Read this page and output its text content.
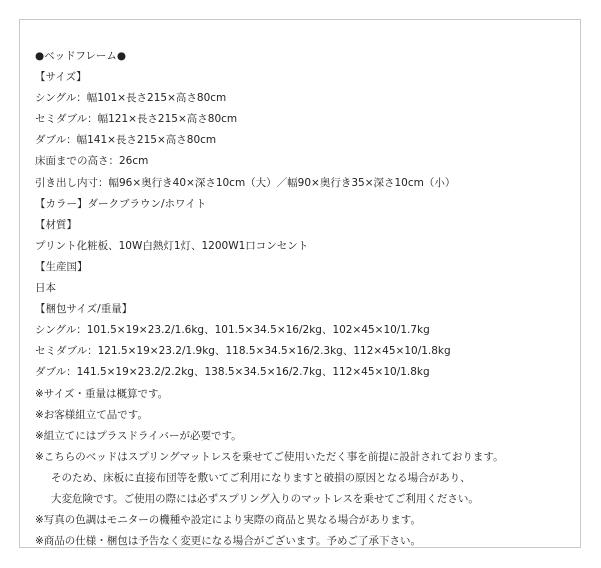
●ベッドフレーム●
【サイズ】
シングル：幅101×長さ215×高さ80cm
セミダブル：幅121×長さ215×高さ80cm
ダブル：幅141×長さ215×高さ80cm
床面までの高さ：26cm
引き出し内寸：幅96×奥行き40×深さ10cm（大）／幅90×奥行き35×深さ10cm（小）
【カラー】ダークブラウン/ホワイト
【材質】
プリント化粧板、10W白熱灯1灯、1200W1口コンセント
【生産国】
日本
【梱包サイズ/重量】
シングル：101.5×19×23.2/1.6kg、101.5×34.5×16/2kg、102×45×10/1.7kg
セミダブル：121.5×19×23.2/1.9kg、118.5×34.5×16/2.3kg、112×45×10/1.8kg
ダブル：141.5×19×23.2/2.2kg、138.5×34.5×16/2.7kg、112×45×10/1.8kg
※サイズ・重量は概算です。
※お客様組立て品です。
※組立てにはプラスドライバーが必要です。
※こちらのベッドはスプリングマットレスを乗せてご使用いただく事を前提に設計されております。
そのため、床板に直接布団等を敷いてご利用になりますと破損の原因となる場合があり、
大変危険です。ご使用の際には必ずスプリング入りのマットレスを乗せてご利用ください。
※写真の色調はモニターの機種や設定により実際の商品と異なる場合があります。
※商品の仕様・梱包は予告なく変更になる場合がございます。予めご了承下さい。
